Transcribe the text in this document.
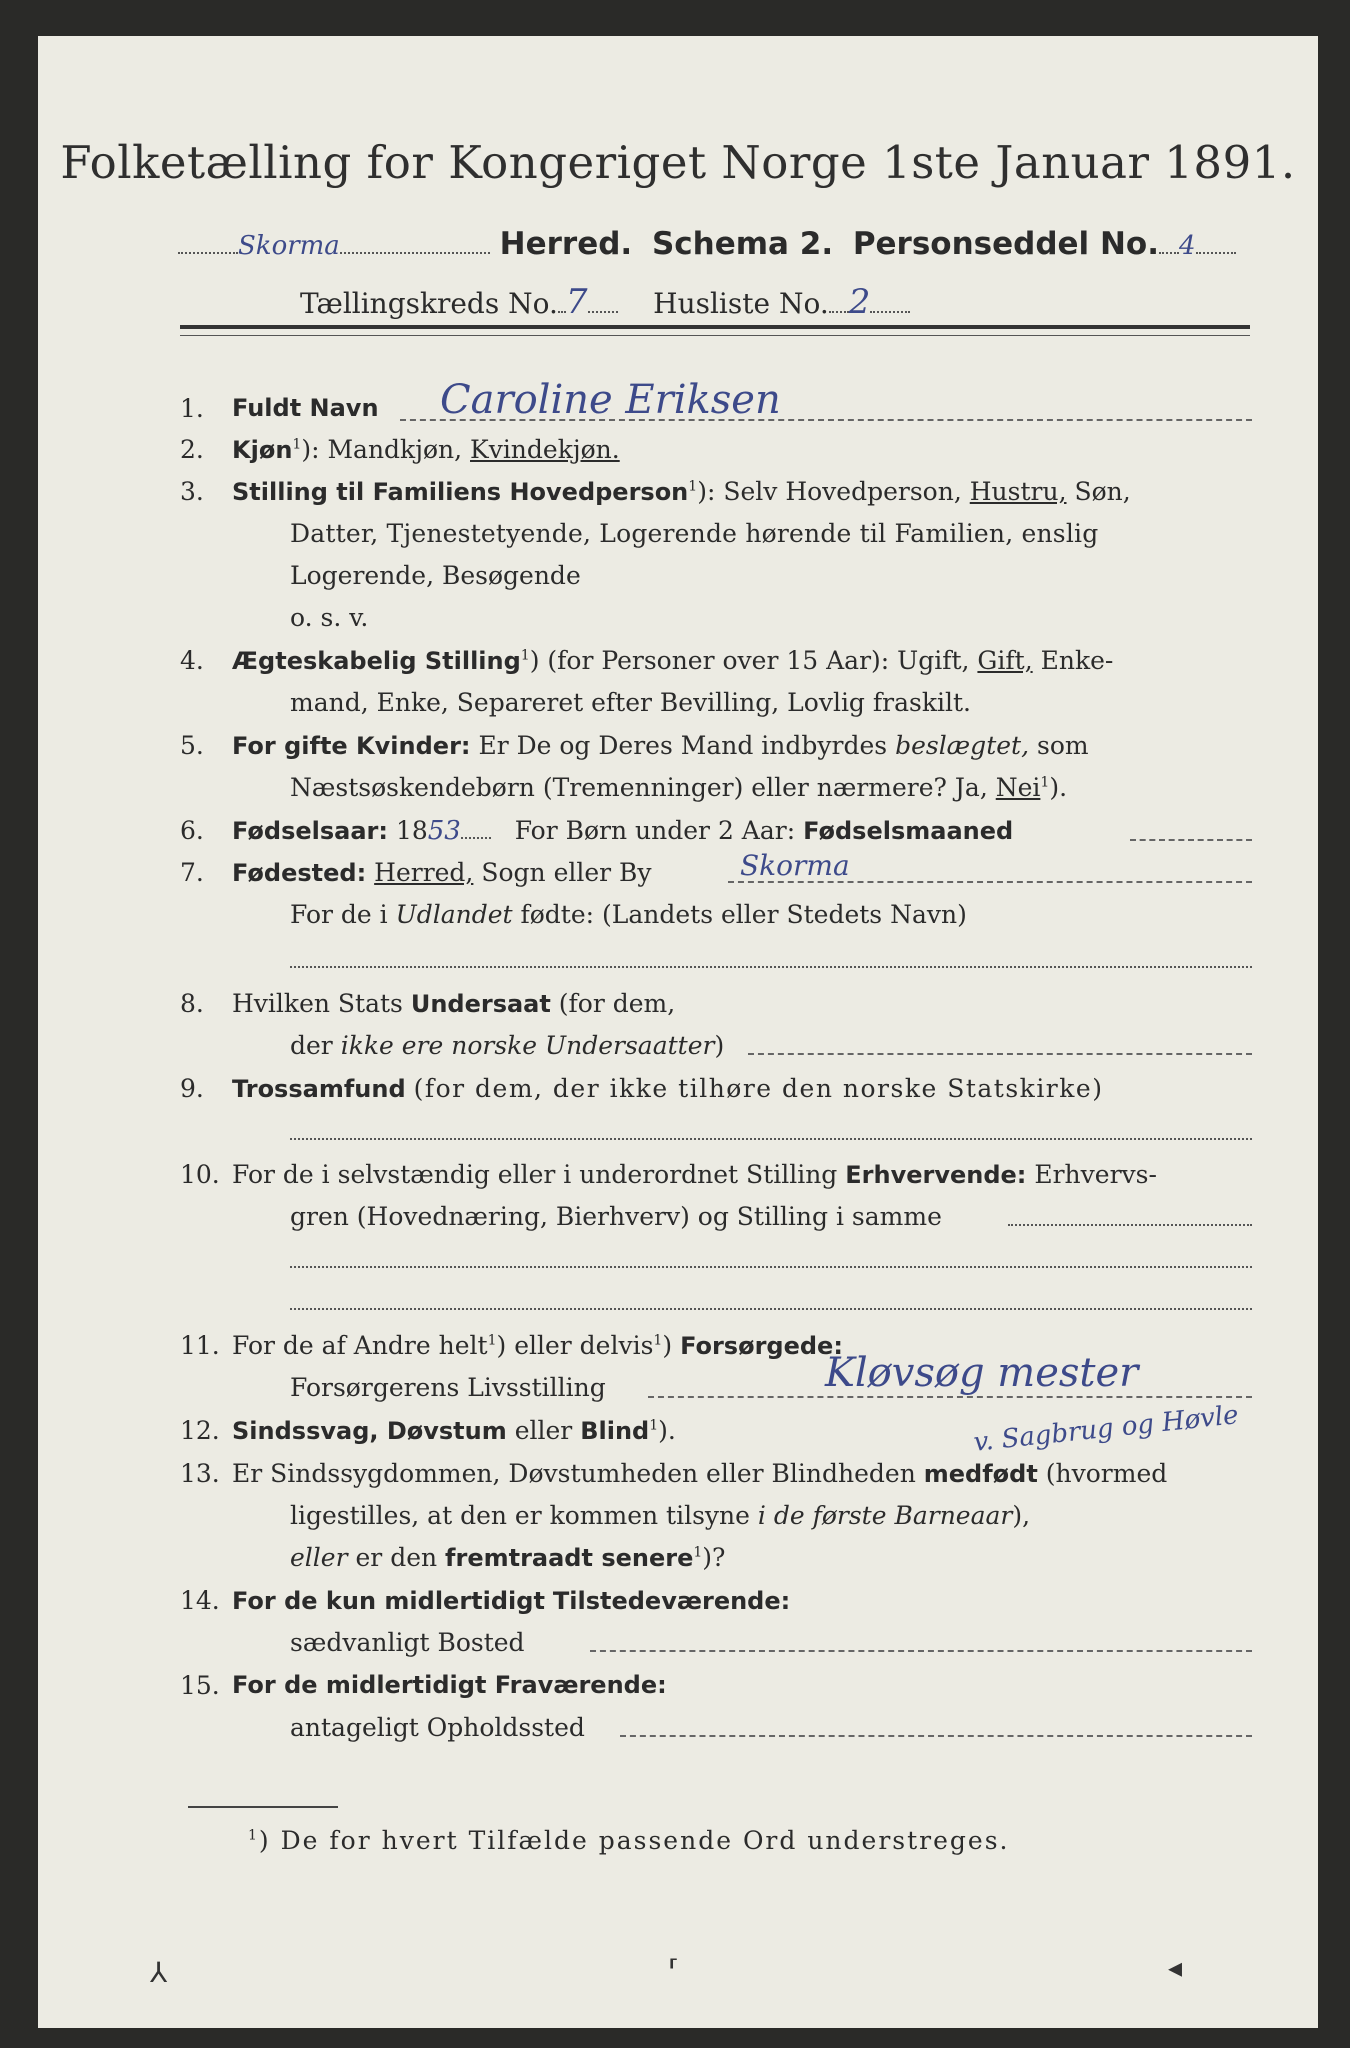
Folketælling for Kongeriget Norge 1ste Januar 1891.
Skorma	Herred. Schema 2. Personseddel No. 4
Tællingskreds No. 7 Husliste No. 2
1.	Fuldt Navn Caroline Eriksen
2.	Kjøn$^1$): Mandkjøn, Kvindekjøn.
3.	Stilling til Familiens Hovedperson$^1$): Selv Hovedperson, Hustru, Søn,
Datter, Tjenestetyende, Logerende hørende til Familien, enslig
Logerende, Besøgende
o. s. v.
4.	Ægteskabelig Stilling$^1$) (for Personer over 15 Aar): Ugift, Gift, Enke-
mand, Enke, Separeret efter Bevilling, Lovlig fraskilt.
5.	For gifte Kvinder: Er De og Deres Mand indbyrdes beslægtet, som
Næstsøskendebørn (Tremenninger) eller nærmere? Ja, Nei$^1$).
6.	Fødselsaar: 1853 For Børn under 2 Aar: Fødselsmaaned
7.	Fødested: Herred, Sogn eller By	Skorma
For de i Udlandet fødte: (Landets eller Stedets Navn)
8.	Hvilken Stats Undersaat (for dem,
der ikke ere norske Undersaatter)
9.	Trossamfund (for dem, der ikke tilhøre den norske Statskirke)
10. For de i selvstændig eller i underordnet Stilling Erhvervende: Erhvervs-
gren (Hovednæring, Bierhverv) og Stilling i samme
11. For de af Andre helt$^1$) eller delvis$^1$) Forsørgede:
Forsørgerens Livsstilling	Kløvsøg mester
v. Sagbrug og Høvle
12. Sindssvag, Døvstum eller Blind$^1$).
13. Er Sindssygdommen, Døvstumheden eller Blindheden medfødt (hvormed
ligestilles, at den er kommen tilsyne i de første Barneaar),
eller er den fremtraadt senere$^1$)?
14. For de kun midlertidigt Tilstedeværende:
sædvanligt Bosted
15. For de midlertidigt Fraværende:
antageligt Opholdssted
$^1$) De for hvert Tilfælde passende Ord understreges.
⅄	⸢	◂
